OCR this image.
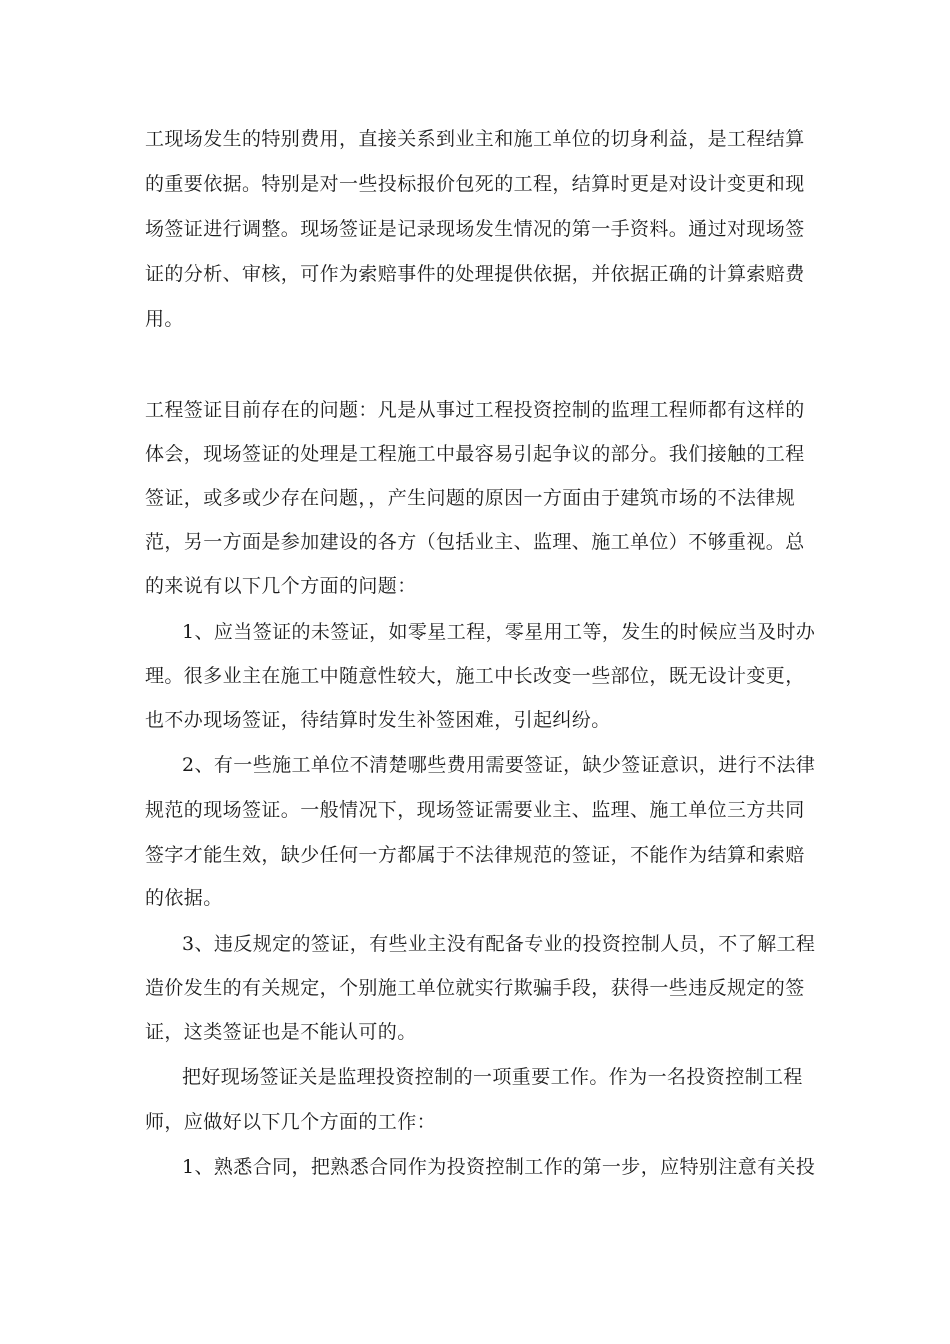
工现场发生的特别费用，直接关系到业主和施工单位的切身利益，是工程结算
的重要依据。特别是对一些投标报价包死的工程，结算时更是对设计变更和现
场签证进行调整。现场签证是记录现场发生情况的第一手资料。通过对现场签
证的分析、审核，可作为索赔事件的处理提供依据，并依据正确的计算索赔费
用。
工程签证目前存在的问题：凡是从事过工程投资控制的监理工程师都有这样的
体会，现场签证的处理是工程施工中最容易引起争议的部分。我们接触的工程
签证，或多或少存在问题，，产生问题的原因一方面由于建筑市场的不法律规
范，另一方面是参加建设的各方（包括业主、监理、施工单位）不够重视。总
的来说有以下几个方面的问题：
1、应当签证的未签证，如零星工程，零星用工等，发生的时候应当及时办
理。很多业主在施工中随意性较大，施工中长改变一些部位，既无设计变更，
也不办现场签证，待结算时发生补签困难，引起纠纷。
2、有一些施工单位不清楚哪些费用需要签证，缺少签证意识，进行不法律
规范的现场签证。一般情况下，现场签证需要业主、监理、施工单位三方共同
签字才能生效，缺少任何一方都属于不法律规范的签证，不能作为结算和索赔
的依据。
3、违反规定的签证，有些业主没有配备专业的投资控制人员，不了解工程
造价发生的有关规定，个别施工单位就实行欺骗手段，获得一些违反规定的签
证，这类签证也是不能认可的。
把好现场签证关是监理投资控制的一项重要工作。作为一名投资控制工程
师，应做好以下几个方面的工作：
1、熟悉合同，把熟悉合同作为投资控制工作的第一步，应特别注意有关投
